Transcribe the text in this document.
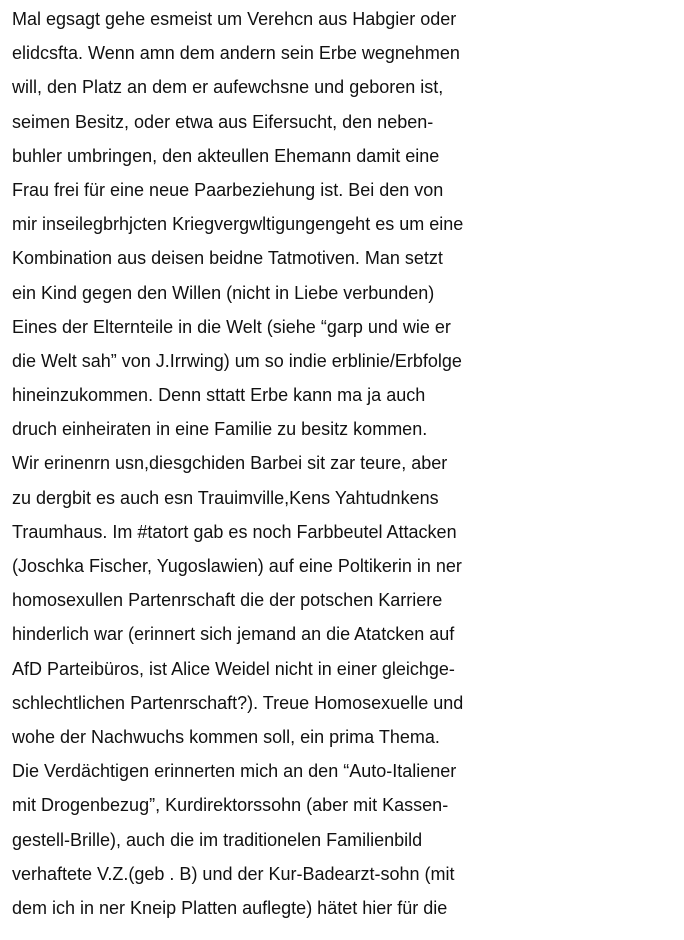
Mal egsagt gehe esmeist um Verehcn aus Habgier oder
elidcsfta. Wenn amn dem andern sein Erbe wegnehmen
will, den Platz an dem er aufewchsne und geboren ist,
seimen Besitz, oder etwa aus Eifersucht, den neben-
buhler umbringen, den akteullen Ehemann damit eine
Frau frei für eine neue Paarbeziehung ist. Bei den von
mir inseilegbrhjcten Kriegvergwltigungengeht es um eine
Kombination aus deisen beidne Tatmotiven. Man setzt
ein Kind gegen den Willen (nicht in Liebe verbunden)
Eines der Elternteile in die Welt (siehe “garp und wie er
die Welt sah” von J.Irrwing) um so indie erblinie/Erbfolge
hineinzukommen. Denn sttatt Erbe kann ma ja auch
druch einheiraten in eine Familie zu besitz kommen.
Wir erinenrn usn,diesgchiden Barbei sit zar teure, aber
zu dergbit es auch esn Trauimville,Kens Yahtudnkens
Traumhaus. Im #tatort gab es noch Farbbeutel Attacken
(Joschka Fischer, Yugoslawien) auf eine Poltikerin in ner
homosexullen Partenrschaft die der potschen Karriere
hinderlich war (erinnert sich jemand an die Atatcken auf
AfD Parteibüros, ist Alice Weidel nicht in einer gleichge-
schlechtlichen Partenrschaft?). Treue Homosexuelle und
wohe der Nachwuchs kommen soll, ein prima Thema.
Die Verdächtigen erinnerten mich an den “Auto-Italiener
mit Drogenbezug”, Kurdirektorssohn (aber mit Kassen-
gestell-Brille), auch die im traditionelen Familienbild
verhaftete V.Z.(geb . B) und der Kur-Badearzt-sohn (mit
dem ich in ner Kneip Platten auflegte) hätet hier für die
